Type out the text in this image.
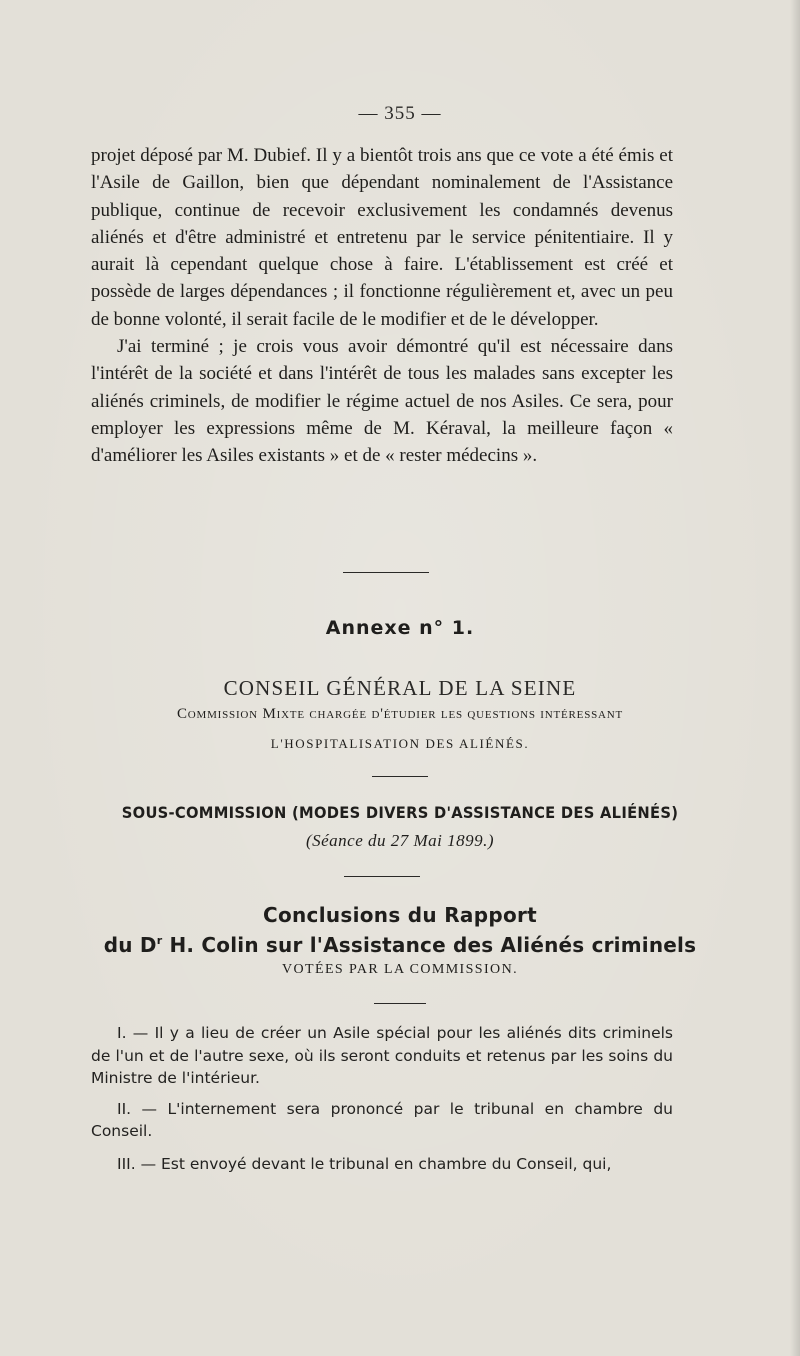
— 355 —

projet déposé par M. Dubief. Il y a bientôt trois ans que ce vote a été émis et l'Asile de Gaillon, bien que dépendant nominalement de l'Assistance publique, continue de recevoir exclusivement les condamnés devenus aliénés et d'être administré et entretenu par le service pénitentiaire. Il y aurait là cependant quelque chose à faire. L'établissement est créé et possède de larges dépendances ; il fonctionne régulièrement et, avec un peu de bonne volonté, il serait facile de le modifier et de le développer.

J'ai terminé ; je crois vous avoir démontré qu'il est nécessaire dans l'intérêt de la société et dans l'intérêt de tous les malades sans excepter les aliénés criminels, de modifier le régime actuel de nos Asiles. Ce sera, pour employer les expressions même de M. Kéraval, la meilleure façon « d'améliorer les Asiles existants » et de « rester médecins ».

Annexe n° 1.
CONSEIL GÉNÉRAL DE LA SEINE
Commission Mixte chargée d'étudier les questions intéressant
L'HOSPITALISATION DES ALIÉNÉS.
SOUS-COMMISSION (MODES DIVERS D'ASSISTANCE DES ALIÉNÉS)
(Séance du 27 Mai 1899.)
Conclusions du Rapport
du $D^r$ H. Colin sur l'Assistance des Aliénés criminels
VOTÉES PAR LA COMMISSION.

I. — Il y a lieu de créer un Asile spécial pour les aliénés dits criminels de l'un et de l'autre sexe, où ils seront conduits et retenus par les soins du Ministre de l'intérieur.

II. — L'internement sera prononcé par le tribunal en chambre du Conseil.

III. — Est envoyé devant le tribunal en chambre du Conseil, qui,
